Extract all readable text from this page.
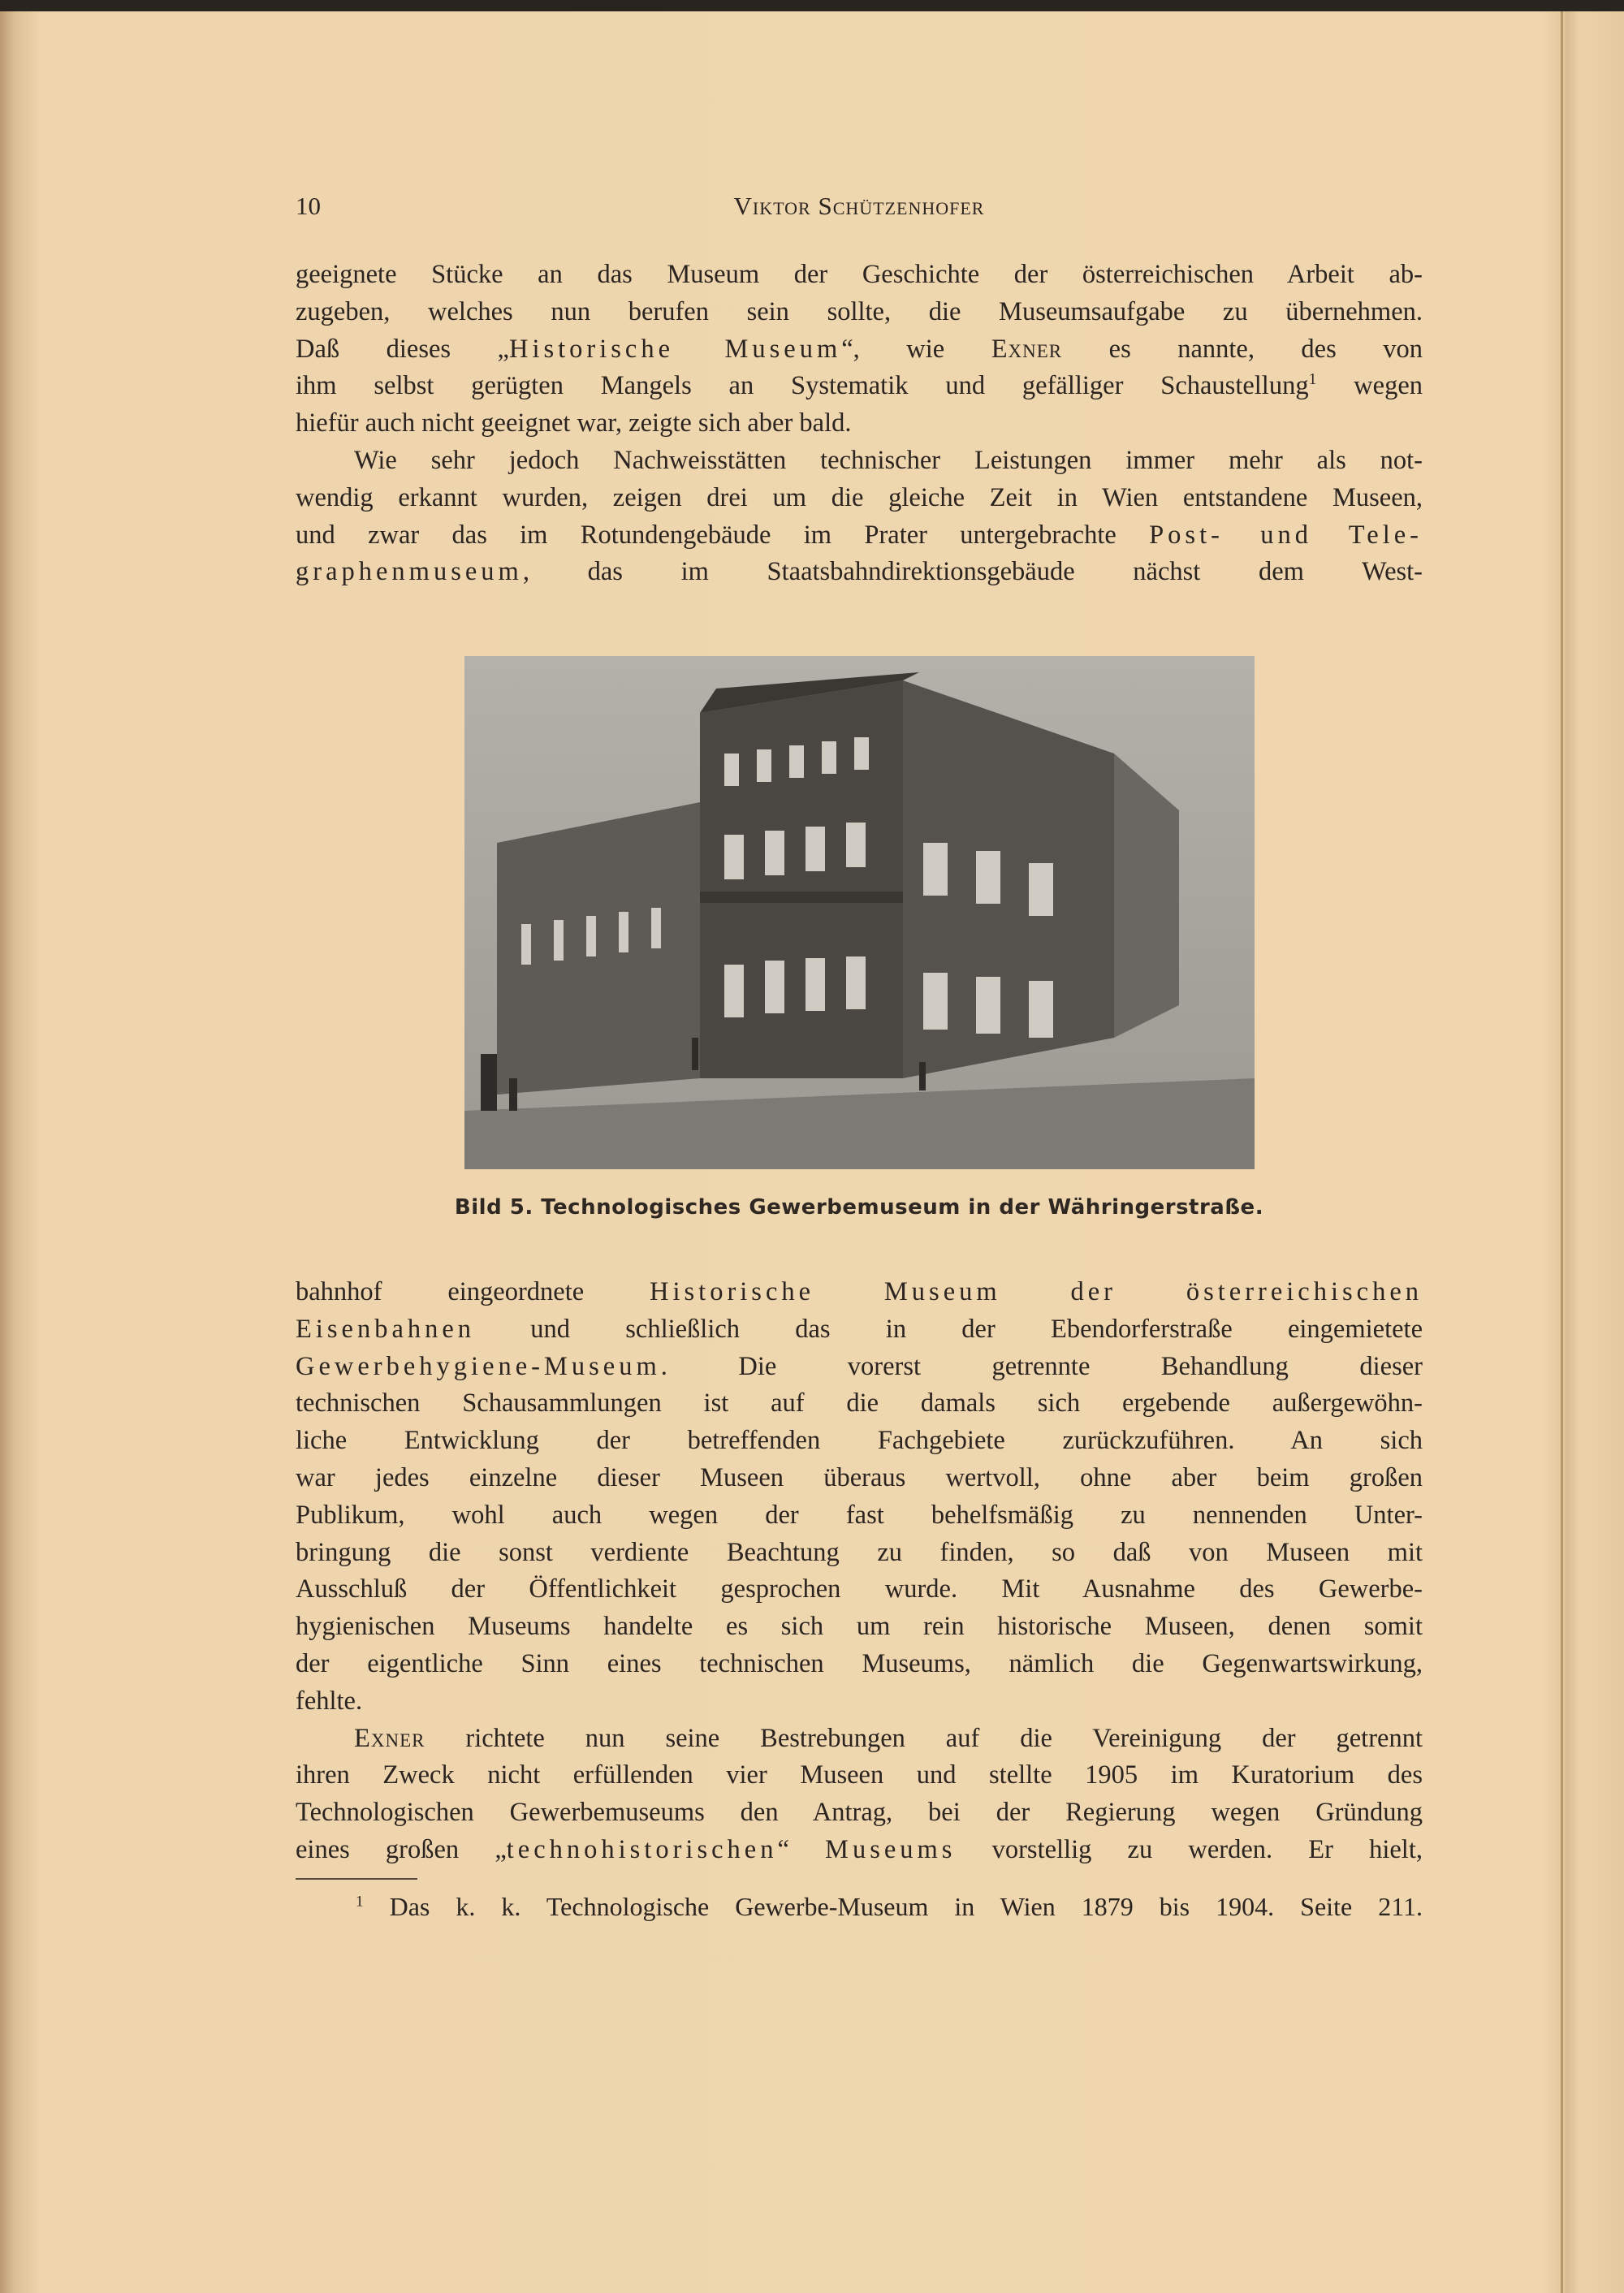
10	Viktor Schützenhofer
geeignete Stücke an das Museum der Geschichte der österreichischen Arbeit ab-
zugeben, welches nun berufen sein sollte, die Museumsaufgabe zu übernehmen.
Daß dieses „Historische Museum“, wie Exner es nannte, des von
ihm selbst gerügten Mangels an Systematik und gefälliger Schaustellung$^1$ wegen
hiefür auch nicht geeignet war, zeigte sich aber bald.
Wie sehr jedoch Nachweisstätten technischer Leistungen immer mehr als not-
wendig erkannt wurden, zeigen drei um die gleiche Zeit in Wien entstandene Museen,
und zwar das im Rotundengebäude im Prater untergebrachte Post- und Tele-
graphenmuseum, das im Staatsbahndirektionsgebäude nächst dem West-
Bild 5. Technologisches Gewerbemuseum in der Währingerstraße.
bahnhof eingeordnete Historische Museum der österreichischen
Eisenbahnen und schließlich das in der Ebendorferstraße eingemietete
Gewerbehygiene-Museum. Die vorerst getrennte Behandlung dieser
technischen Schausammlungen ist auf die damals sich ergebende außergewöhn-
liche Entwicklung der betreffenden Fachgebiete zurückzuführen. An sich
war jedes einzelne dieser Museen überaus wertvoll, ohne aber beim großen
Publikum, wohl auch wegen der fast behelfsmäßig zu nennenden Unter-
bringung die sonst verdiente Beachtung zu finden, so daß von Museen mit
Ausschluß der Öffentlichkeit gesprochen wurde. Mit Ausnahme des Gewerbe-
hygienischen Museums handelte es sich um rein historische Museen, denen somit
der eigentliche Sinn eines technischen Museums, nämlich die Gegenwartswirkung,
fehlte.
Exner richtete nun seine Bestrebungen auf die Vereinigung der getrennt
ihren Zweck nicht erfüllenden vier Museen und stellte 1905 im Kuratorium des
Technologischen Gewerbemuseums den Antrag, bei der Regierung wegen Gründung
eines großen „technohistorischen“ Museums vorstellig zu werden. Er hielt,
$^1$ Das k. k. Technologische Gewerbe-Museum in Wien 1879 bis 1904. Seite 211.
